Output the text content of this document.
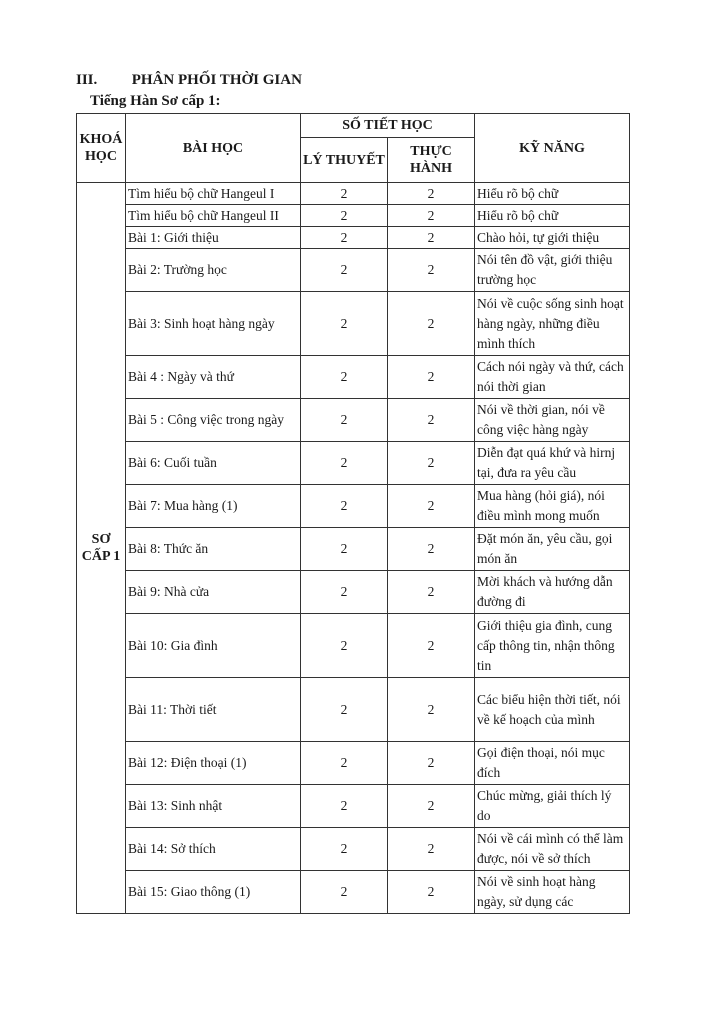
III. PHÂN PHỐI THỜI GIAN
Tiếng Hàn Sơ cấp 1:
KHOÁ HỌC	BÀI HỌC	SỐ TIẾT HỌC		KỸ NĂNG
		LÝ THUYẾT	THỰC HÀNH	
SƠ CẤP 1	Tìm hiểu bộ chữ Hangeul I	2	2	Hiểu rõ bộ chữ
	Tìm hiểu bộ chữ Hangeul II	2	2	Hiểu rõ bộ chữ
	Bài 1: Giới thiệu	2	2	Chào hỏi, tự giới thiệu
	Bài 2: Trường học	2	2	Nói tên đồ vật, giới thiệu trường học
	Bài 3: Sinh hoạt hàng ngày	2	2	Nói về cuộc sống sinh hoạt hàng ngày, những điều mình thích
	Bài 4 : Ngày và thứ	2	2	Cách nói ngày và thứ, cách nói thời gian
	Bài 5 : Công việc trong ngày	2	2	Nói về thời gian, nói về công việc hàng ngày
	Bài 6: Cuối tuần	2	2	Diễn đạt quá khứ và hirnj tại, đưa ra yêu cầu
	Bài 7: Mua hàng (1)	2	2	Mua hàng (hỏi giá), nói điều mình mong muốn
	Bài 8: Thức ăn	2	2	Đặt món ăn, yêu cầu, gọi món ăn
	Bài 9: Nhà cửa	2	2	Mời khách và hướng dẫn đường đi
	Bài 10: Gia đình	2	2	Giới thiệu gia đình, cung cấp thông tin, nhận thông tin
	Bài 11: Thời tiết	2	2	Các biểu hiện thời tiết, nói về kế hoạch của mình
	Bài 12: Điện thoại (1)	2	2	Gọi điện thoại, nói mục đích
	Bài 13: Sinh nhật	2	2	Chúc mừng, giải thích lý do
	Bài 14: Sở thích	2	2	Nói về cái mình có thể làm được, nói về sở thích
	Bài 15: Giao thông (1)	2	2	Nói về sinh hoạt hàng ngày, sử dụng các
